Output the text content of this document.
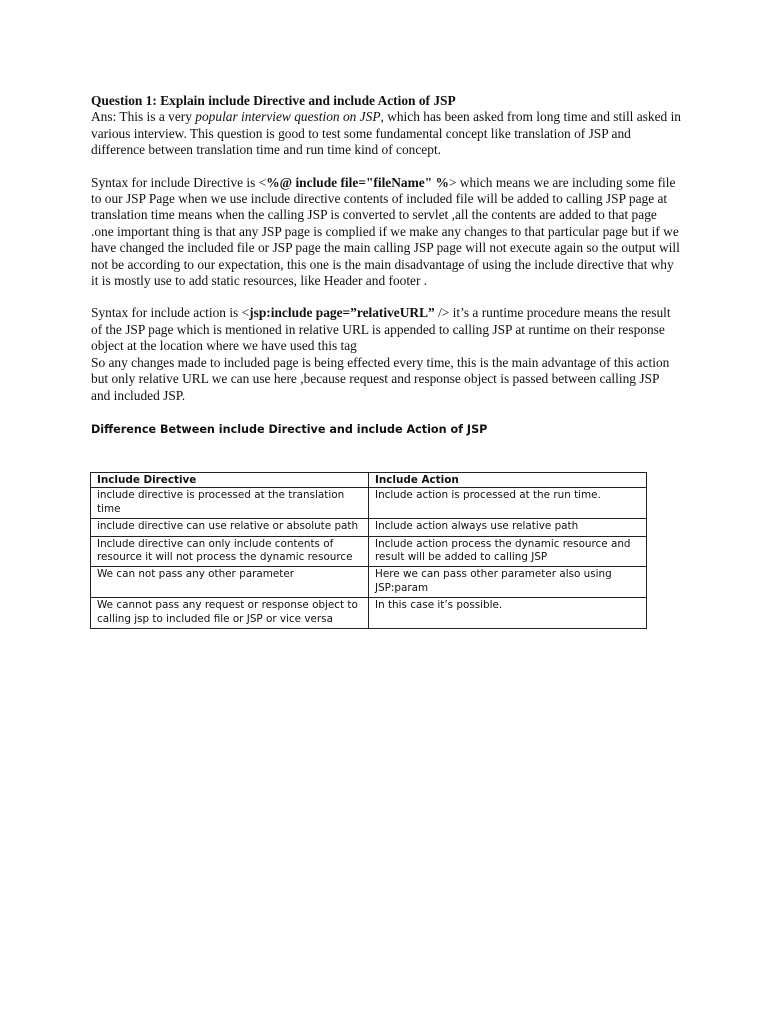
Question 1: Explain include Directive and include Action of JSP

Ans: This is a very popular interview question on JSP, which has been asked from long time and still asked in various interview. This question is good to test some fundamental concept like translation of JSP and difference between translation time and run time kind of concept.

Syntax for include Directive is <%@ include file="fileName" %> which means we are including some file to our JSP Page when we use include directive contents of included file will be added to calling JSP page at translation time means when the calling JSP is converted to servlet ,all the contents are added to that page .one important thing is that any JSP page is complied if we make any changes to that particular page but if we have changed the included file or JSP page the main calling JSP page will not execute again so the output will not be according to our expectation, this one is the main disadvantage of using the include directive that why it is mostly use to add static resources, like Header and footer .

Syntax for include action is <jsp:include page=”relativeURL” /> it’s a runtime procedure means the result of the JSP page which is mentioned in relative URL is appended to calling JSP at runtime on their response object at the location where we have used this tag

So any changes made to included page is being effected every time, this is the main advantage of this action but only relative URL we can use here ,because request and response object is passed between calling JSP and included JSP.

Difference Between include Directive and include Action of JSP

Include Directive	Include Action
include directive is processed at the translation time	Include action is processed at the run time.
include directive can use relative or absolute path	Include action always use relative path
Include directive can only include contents of resource it will not process the dynamic resource	Include action process the dynamic resource and result will be added to calling JSP
We can not pass any other parameter	Here we can pass other parameter also using JSP:param
We cannot pass any request or response object to calling jsp to included file or JSP or vice versa	In this case it’s possible.
